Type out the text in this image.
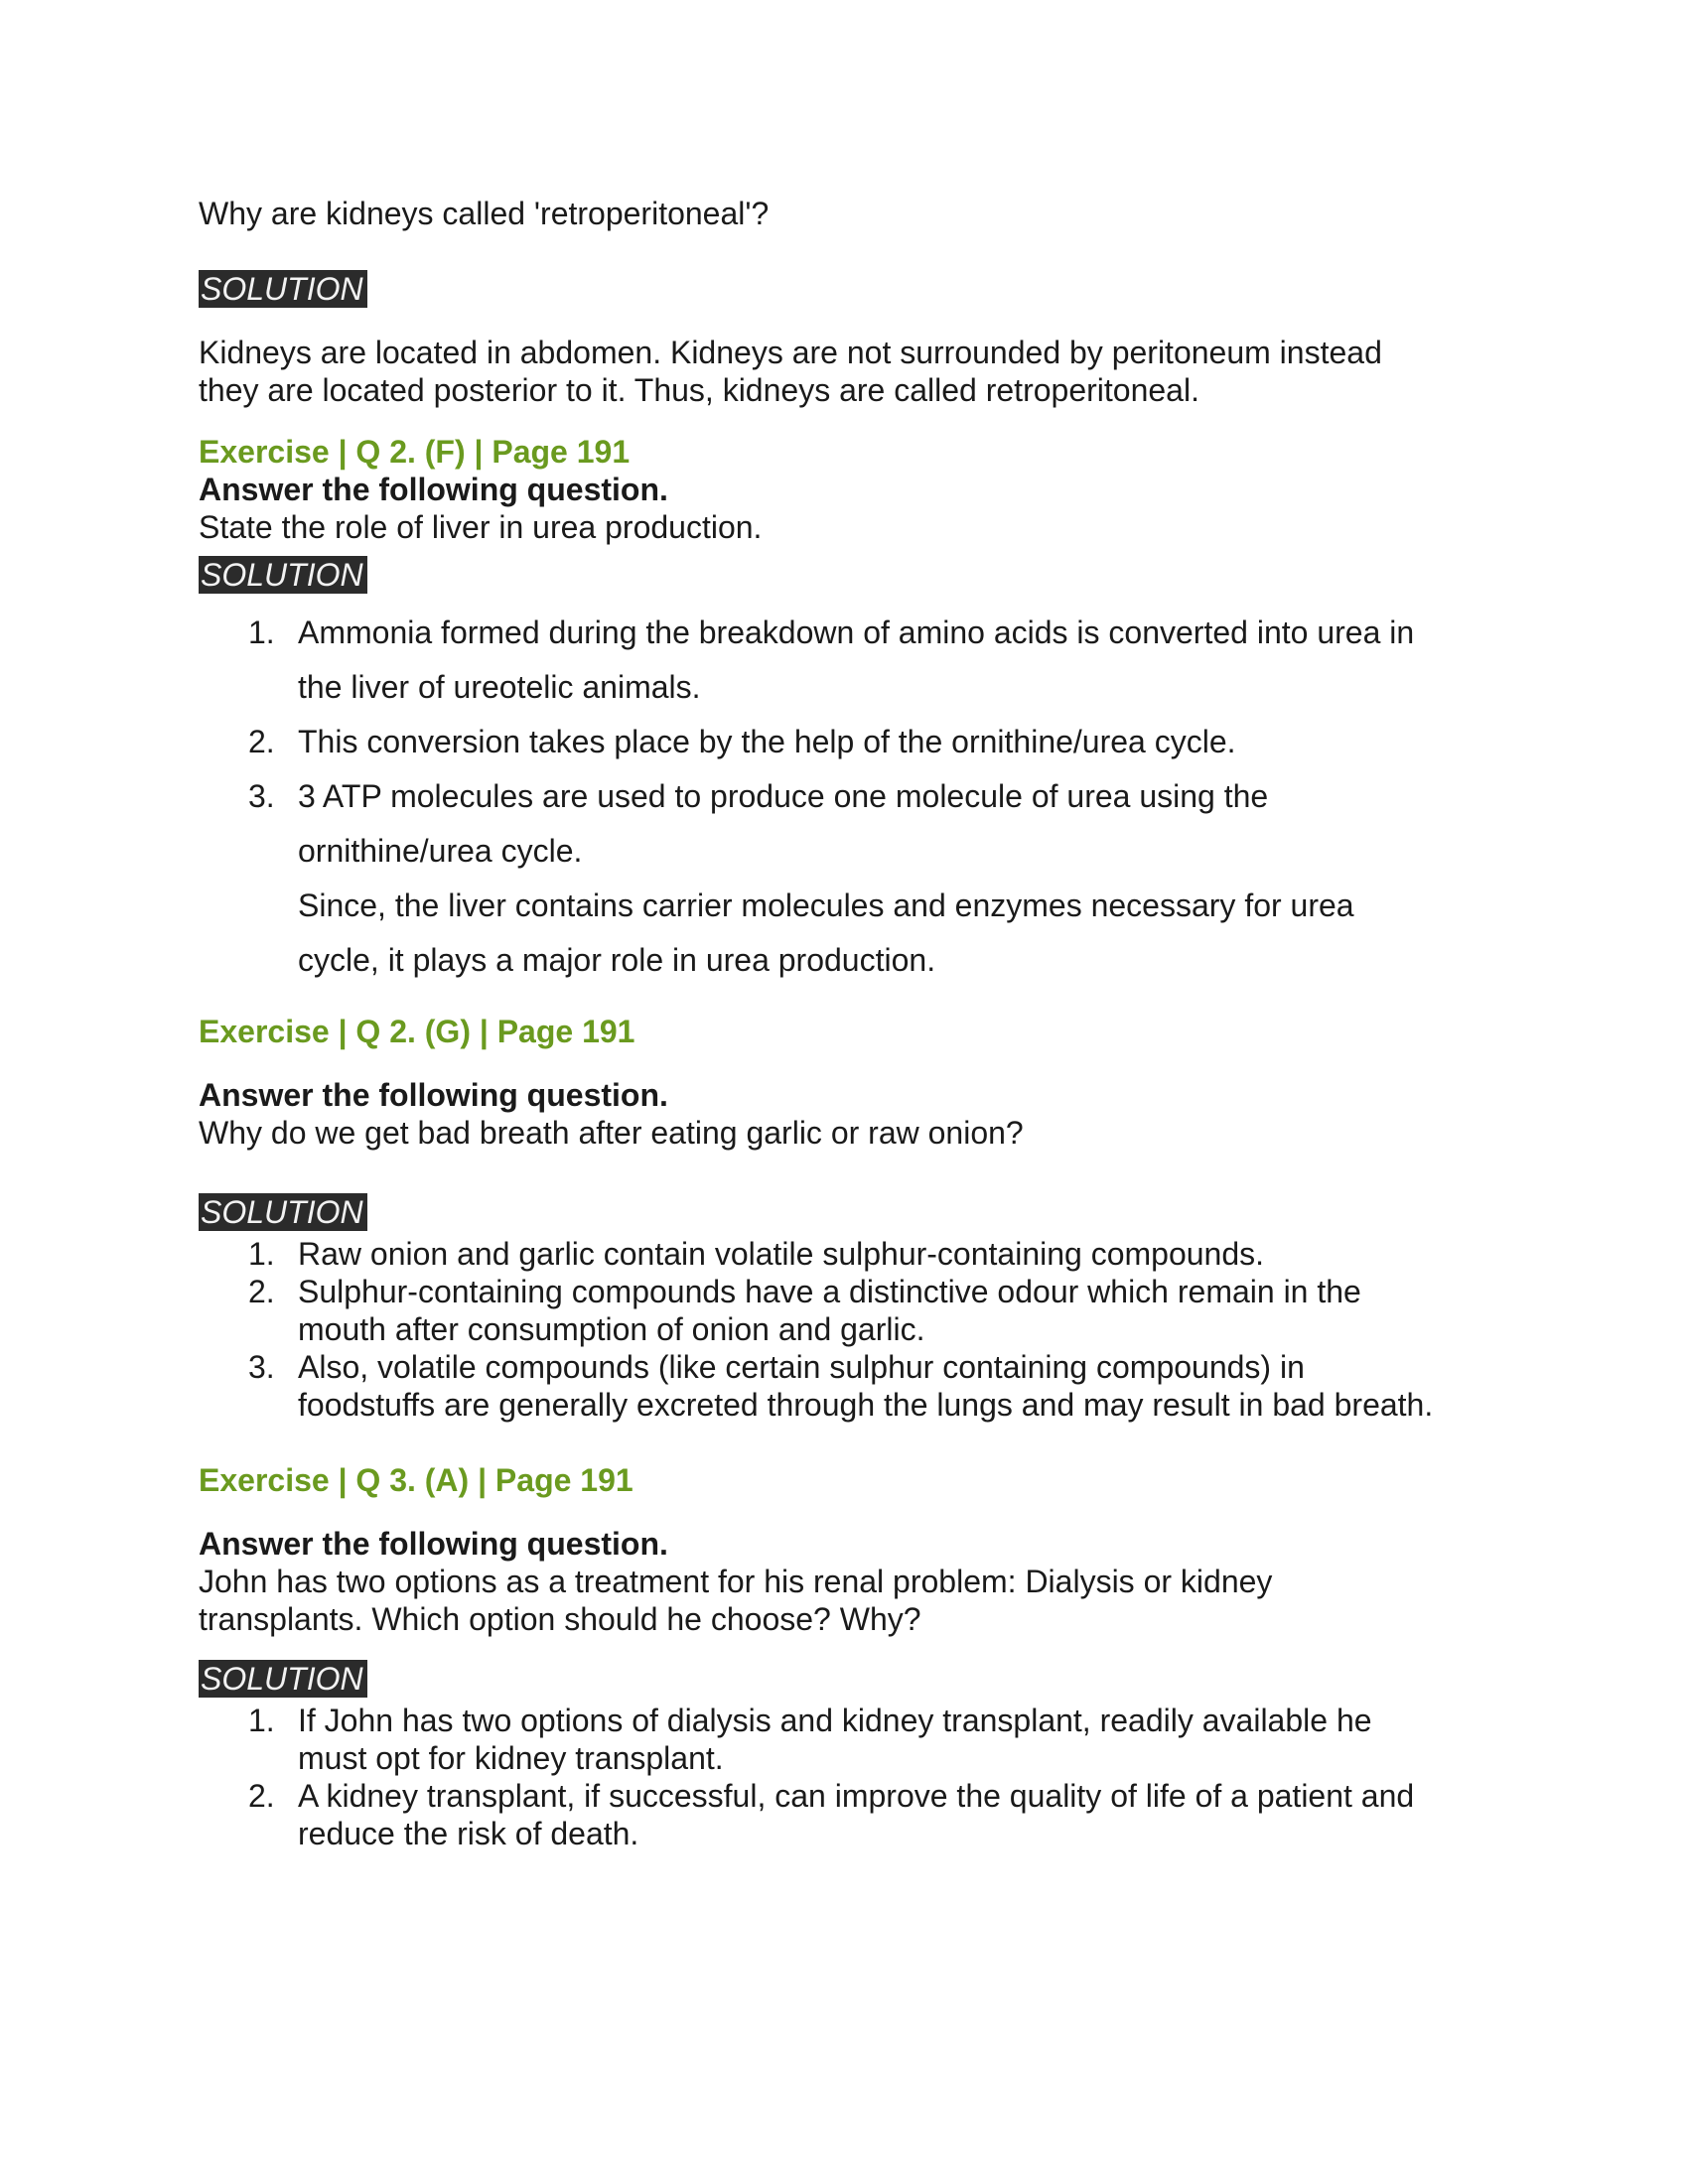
Why are kidneys called 'retroperitoneal'?

SOLUTION

Kidneys are located in abdomen. Kidneys are not surrounded by peritoneum instead

they are located posterior to it. Thus, kidneys are called retroperitoneal.

Exercise | Q 2. (F) | Page 191

Answer the following question.

State the role of liver in urea production.

SOLUTION
1. Ammonia formed during the breakdown of amino acids is converted into urea in
the liver of ureotelic animals.
2. This conversion takes place by the help of the ornithine/urea cycle.
3. 3 ATP molecules are used to produce one molecule of urea using the
ornithine/urea cycle.

Since, the liver contains carrier molecules and enzymes necessary for urea

cycle, it plays a major role in urea production.

Exercise | Q 2. (G) | Page 191

Answer the following question.

Why do we get bad breath after eating garlic or raw onion?

SOLUTION
1. Raw onion and garlic contain volatile sulphur-containing compounds.
2. Sulphur-containing compounds have a distinctive odour which remain in the
mouth after consumption of onion and garlic.
3. Also, volatile compounds (like certain sulphur containing compounds) in
foodstuffs are generally excreted through the lungs and may result in bad breath.

Exercise | Q 3. (A) | Page 191

Answer the following question.

John has two options as a treatment for his renal problem: Dialysis or kidney

transplants. Which option should he choose? Why?

SOLUTION
1. If John has two options of dialysis and kidney transplant, readily available he
must opt for kidney transplant.
2. A kidney transplant, if successful, can improve the quality of life of a patient and
reduce the risk of death.
